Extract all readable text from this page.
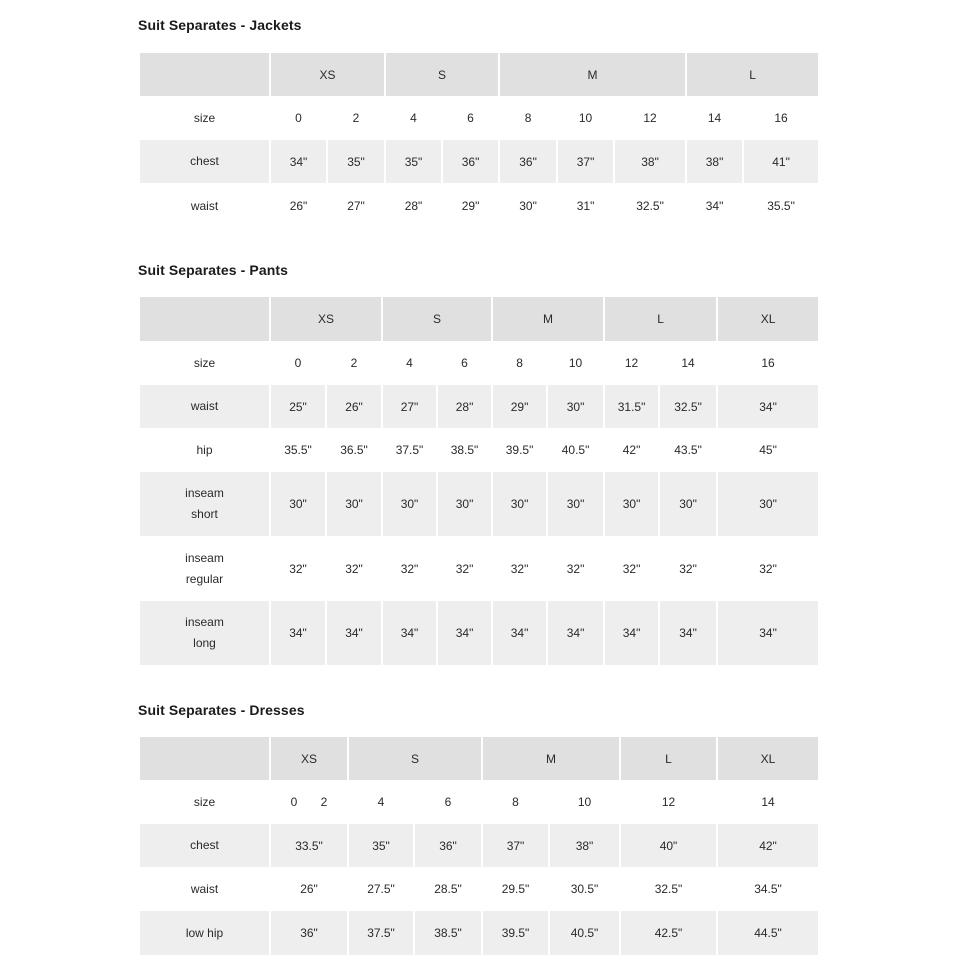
Suit Separates - Jackets
	XS		S		M			L	
size	0	2	4	6	8	10	12	14	16
chest	34"	35"	35"	36"	36"	37"	38"	38"	41"
waist	26"	27"	28"	29"	30"	31"	32.5"	34"	35.5"
Suit Separates - Pants
	XS		S		M		L		XL
size	0	2	4	6	8	10	12	14	16
waist	25"	26"	27"	28"	29"	30"	31.5"	32.5"	34"
hip	35.5"	36.5"	37.5"	38.5"	39.5"	40.5"	42"	43.5"	45"
inseam
short	30"	30"	30"	30"	30"	30"	30"	30"	30"
inseam
regular	32"	32"	32"	32"	32"	32"	32"	32"	32"
inseam
long	34"	34"	34"	34"	34"	34"	34"	34"	34"
Suit Separates - Dresses
	XS	S		M		L	XL
size	0       2	4	6	8	10	12	14
chest	33.5"	35"	36"	37"	38"	40"	42"
waist	26"	27.5"	28.5"	29.5"	30.5"	32.5"	34.5"
low hip	36"	37.5"	38.5"	39.5"	40.5"	42.5"	44.5"
